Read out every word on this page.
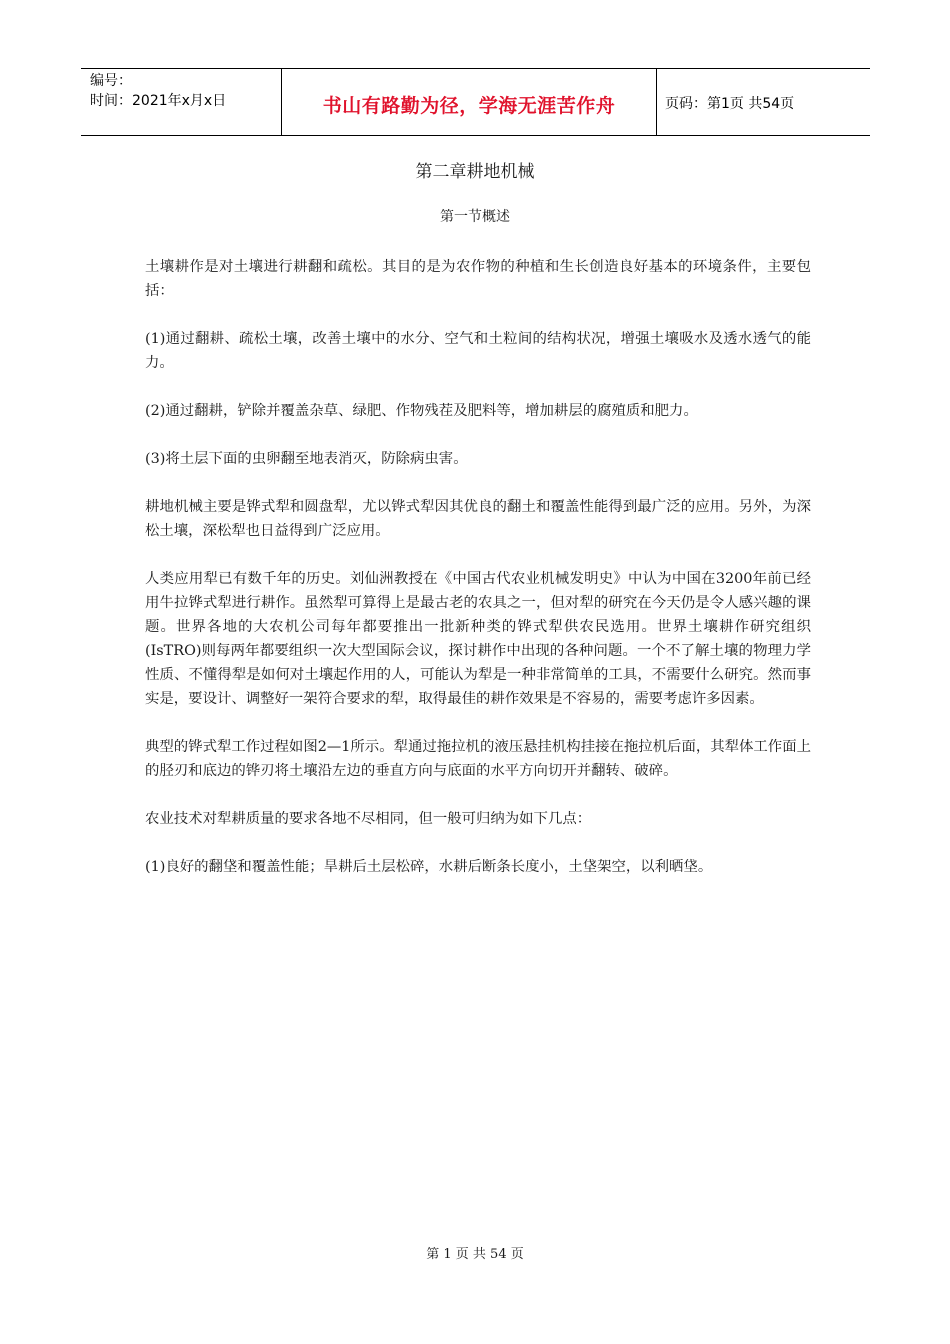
编号：
时间：2021年x月x日	书山有路勤为径，学海无涯苦作舟	页码：第1页 共54页
第二章耕地机械
第一节概述

土壤耕作是对土壤进行耕翻和疏松。其目的是为农作物的种植和生长创造良好基本的环境条件，主要包括：

(1)通过翻耕、疏松土壤，改善土壤中的水分、空气和土粒间的结构状况，增强土壤吸水及透水透气的能力。

(2)通过翻耕，铲除并覆盖杂草、绿肥、作物残茬及肥料等，增加耕层的腐殖质和肥力。

(3)将土层下面的虫卵翻至地表消灭，防除病虫害。

耕地机械主要是铧式犁和圆盘犁，尤以铧式犁因其优良的翻土和覆盖性能得到最广泛的应用。另外，为深松土壤，深松犁也日益得到广泛应用。

人类应用犁已有数千年的历史。刘仙洲教授在《中国古代农业机械发明史》中认为中国在3200年前已经用牛拉铧式犁进行耕作。虽然犁可算得上是最古老的农具之一，但对犁的研究在今天仍是令人感兴趣的课题。世界各地的大农机公司每年都要推出一批新种类的铧式犁供农民选用。世界土壤耕作研究组织(IsTRO)则每两年都要组织一次大型国际会议，探讨耕作中出现的各种问题。一个不了解土壤的物理力学性质、不懂得犁是如何对土壤起作用的人，可能认为犁是一种非常简单的工具，不需要什么研究。然而事实是，要设计、调整好一架符合要求的犁，取得最佳的耕作效果是不容易的，需要考虑许多因素。

典型的铧式犁工作过程如图2—1所示。犁通过拖拉机的液压悬挂机构挂接在拖拉机后面，其犁体工作面上的胫刃和底边的铧刃将土壤沿左边的垂直方向与底面的水平方向切开并翻转、破碎。

农业技术对犁耕质量的要求各地不尽相同，但一般可归纳为如下几点：

(1)良好的翻垡和覆盖性能；旱耕后土层松碎，水耕后断条长度小，土垡架空，以利晒垡。

第 1 页 共 54 页
